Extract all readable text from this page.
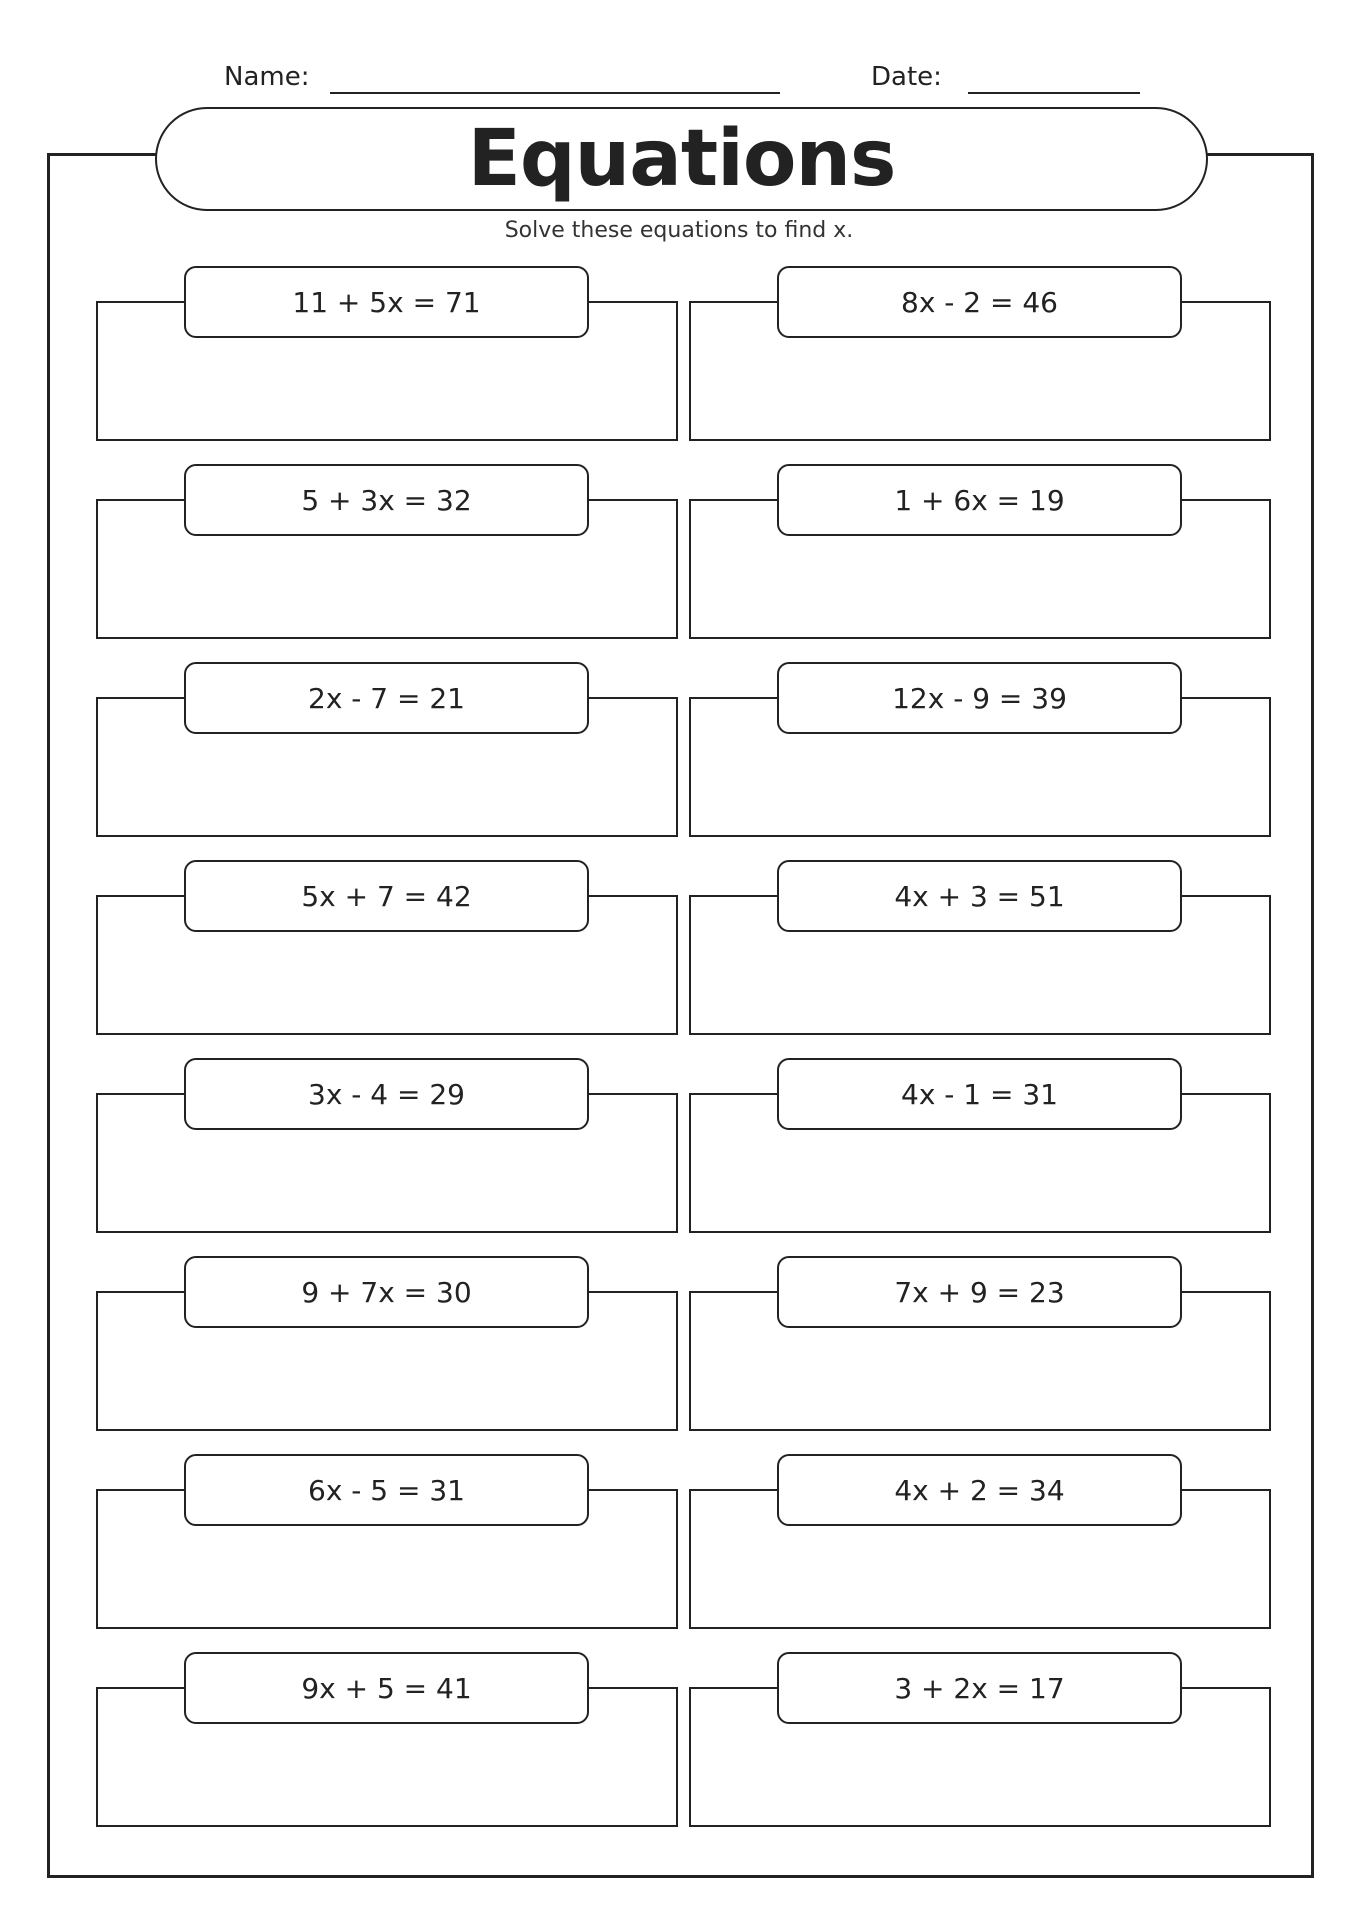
Name:	Date:
Equations
Solve these equations to find x.
11 + 5x = 71	8x - 2 = 46
5 + 3x = 32	1 + 6x = 19
2x - 7 = 21	12x - 9 = 39
5x + 7 = 42	4x + 3 = 51
3x - 4 = 29	4x - 1 = 31
9 + 7x = 30	7x + 9 = 23
6x - 5 = 31	4x + 2 = 34
9x + 5 = 41	3 + 2x = 17
